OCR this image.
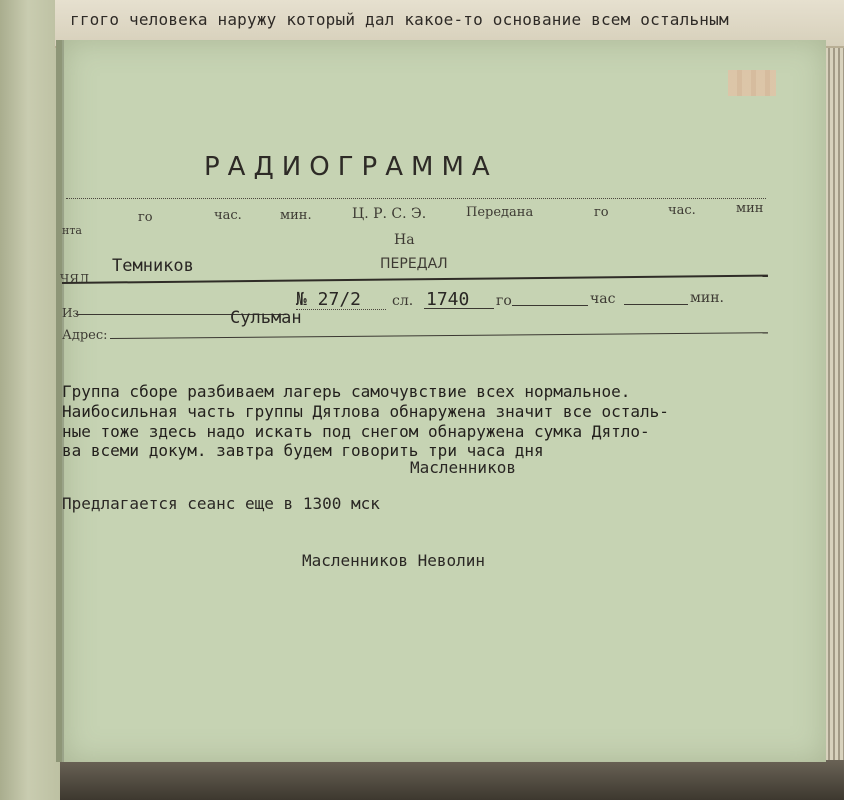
ггого человека наружу который дал какое-то основание всем остальным
РАДИОГРАММА
нта
го	час.	мин.	Ц. Р. С. Э.	Передана	го	час.	мин
На
ЧЯЛ
Темников	ПЕРЕДАЛ
Из
№ 27/2 сл. 1740 го	час	мин.
Адрес:
Сульман
Группа сборе разбиваем лагерь самочувствие всех нормальное.
Наибосильная часть группы Дятлова обнаружена значит все осталь-
ные тоже здесь надо искать под снегом обнаружена сумка Дятло-
ва всеми докум. завтра будем говорить три часа дня
Масленников
Предлагается сеанс еще в 1300 мск
Масленников Неволин
